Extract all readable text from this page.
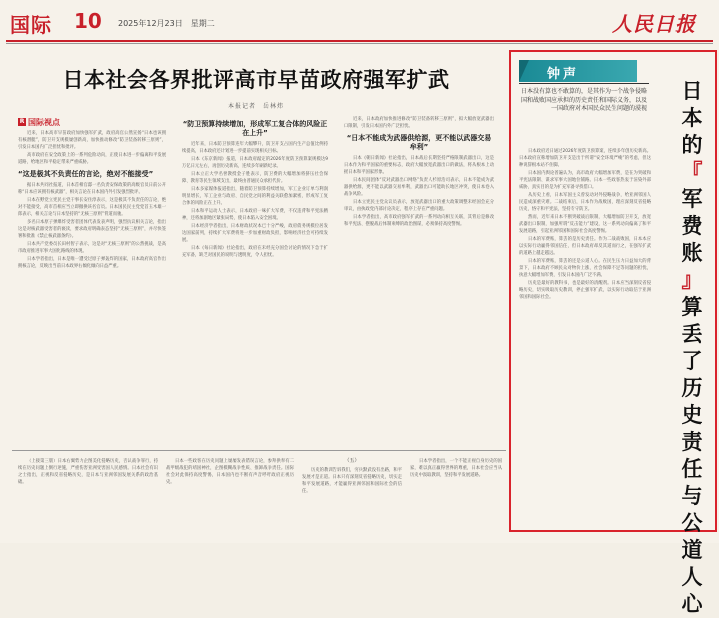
国际 10 2025年12月23日　星期二	人民日报
日本社会各界批评高市早苗政府强军扩武
本报记者　岳林炜
R 国际视点

近来，日本高市早苗政府加快强军扩武，政府高官公然宣扬“日本也该拥有核潜艇”，防卫开支规模屡创新高，加快推动修改“防卫装备转移三原则”，引发日本国内广泛担忧和批评。

高市政府在安全政策上的一系列危险动向，正使日本进一步偏离和平发展道路，给地区和平稳定带来严重威胁。

“这是极其不负责任的言论，绝对不能接受”

据日本共同社报道，日本首相官邸一名负责安保政策的高级官员日前公开称“日本应该拥有核武器”，相关言论在日本国内外引发强烈批评。

日本在野党立宪民主党干事长安住淳表示，这是极其不负责任的言论，绝对不能接受，高市首相应当立即撤换该名官员。日本国民民主党党首玉木雄一郎表示，相关言论与日本坚持的“无核三原则”背道而驰。

多名日本原子弹爆炸受害者团体代表发表声明，强烈抗议相关言论，指出这是对核武器受害者的亵渎，要求政府明确表态坚持“无核三原则”，并尽快签署和批准《禁止核武器条约》。

日本共产党委员长田村智子表示，这是对“无核三原则”的公然挑战，是高市政府推进军事大国化路线的体现。

日本学者指出，日本是唯一遭受过原子弹轰炸的国家，日本政府高官作出拥核言论，反映出当前日本政界右倾化倾向日益严重。

“防卫预算持续增加，形成军工复合体的风险正在上升”

近年来，日本防卫预算连年大幅攀升，防卫开支占国内生产总值比例持续提高，日本政府还计划进一步提前实现相关目标。

日本《东京新闻》报道，日本政府敲定的2026年度防卫预算案规模达9万亿日元左右，再创历史新高，连续多年刷新纪录。

日本立正大学名誉教授金子胜表示，防卫费的大幅增加将挤压社会保障、教育等民生领域支出，最终由普通民众承担代价。

日本多家媒体报道指出，随着防卫预算持续增加，军工企业订单与利润明显增长，军工企业与政府、自民党之间的利益关联愈加紧密，形成军工复合体的风险正在上升。

日本和平运动人士表示，日本政府一味扩大军费，不仅违背和平宪法精神，还将加剧地区紧张局势，使日本陷入安全困境。

日本经济学者指出，日本财政状况本已十分严峻，政府债务规模位居发达国家前列，持续扩大军费将进一步加重财政负担，影响经济社会可持续发展。

日本《每日新闻》社论指出，政府在未经充分国会讨论的情况下急于扩充军备，缺乏对国民的说明与透明度，令人担忧。

近来，日本政府加快推进修改“防卫装备转移三原则”，拟大幅放宽武器出口限制，引发日本国内外广泛担忧。

“日本不能成为武器供给源，更不能以武器交易牟利”

日本《朝日新闻》社论指出，日本战后长期坚持严格限制武器出口，这是日本作为和平国家的重要标志，政府大幅放宽武器出口的做法，将从根本上动摇日本和平国家形象。

日本民间团体“反对武器出口网络”负责人杉原浩司表示，日本不能成为武器供给源，更不能以武器交易牟利，武器出口可能助长地区冲突，使日本卷入战争风险。

日本立宪民主党众议员表示，放宽武器出口的重大政策调整未经国会充分审议，由执政党内部讨论决定，程序上存在严重问题。

日本学者指出，高市政府强军扩武的一系列动向相互关联，其背后是修改和平宪法、摆脱战后体制束缚的政治图谋，必须保持高度警惕。

（上接第三版）日本右翼势力企图美化侵略历史，否认战争罪行，持续在历史问题上倒行逆施，严重伤害亚洲受害国人民感情。日本社会有识之士指出，正视和反省侵略历史，是日本与亚洲邻国发展关系的政治基础。

日本一些政客在历史问题上屡屡发表错误言论，参拜供奉有二战甲级战犯的靖国神社，企图模糊战争性质、推卸战争责任。国际社会对此保持高度警惕，日本国内也不断有声音呼吁政府正视历史。

（五）

历史的教训告诉我们，穷兵黩武没有出路，和平发展才是正道。日本只有深刻反省侵略历史，切实走和平发展道路，才能赢得亚洲邻国和国际社会的信任。

日本学者指出，一个不能正视自身历史的国家，难以真正赢得世界的尊重，日本社会应当从历史中汲取教训，坚持和平发展道路。

钟声
日本没有算也不敢算的，是其作为一个战争侵略国和战败国应承担的历史责任和国际义务，以及一国政府对本国民众民生问题的漠视

日本政府近日通过2026年度防卫预算案，连续多年创历史新高。日本政府宣称增加防卫开支是出于所谓“安全环境严峻”的考虑，但这种说辞根本站不住脚。

日本国内舆论普遍认为，高市政府大幅增加军费，是在为突破和平宪法限制、谋求军事大国地位铺路。日本一些政客热衷于渲染外部威胁，真实目的是为扩充军备寻找借口。

从历史上看，日本军国主义曾发动对外侵略战争，给亚洲邻国人民造成深重灾难。二战结束后，日本作为战败国，理应深刻反省侵略历史，恪守和平宪法，坚持专守防卫。

然而，近年来日本不断突破战后限制，大幅增加防卫开支，放宽武器出口限制，加强所谓“反击能力”建设，这一系列动向偏离了和平发展道路，引起亚洲邻国和国际社会高度警惕。

日本的军费账，算丢的是历史责任。作为二战战败国，日本本应以实际行动赢得邻国信任，但日本政府却反其道而行之，在强军扩武的道路上越走越远。

日本的军费账，算丢的还是公道人心。在民生压力日益加大的背景下，日本政府不顾民众对物价上涨、社会保障不足等问题的担忧，执意大幅增加军费，引发日本国内广泛不满。

历史是最好的教科书，也是最好的清醒剂。日本应当深刻反省侵略历史，切实吸取历史教训，停止强军扩武，以实际行动取信于亚洲邻国和国际社会。

日
本
的
『
军
费
账
』
算
丢
了
历
史
责
任
与
公
道
人
心
